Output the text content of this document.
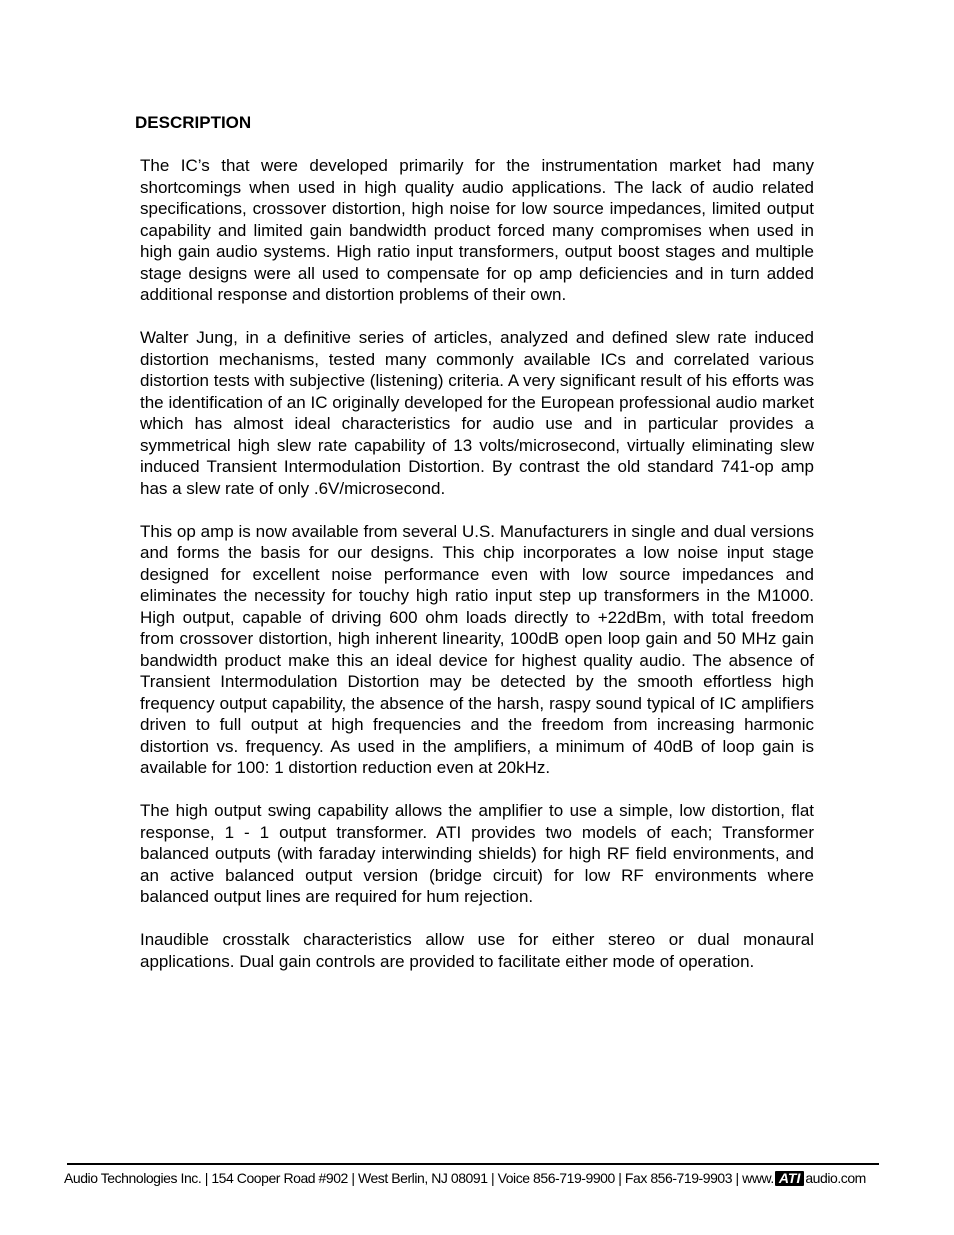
DESCRIPTION

The IC’s that were developed primarily for the instrumentation market had many shortcomings when used in high quality audio applications. The lack of audio related specifications, crossover distortion, high noise for low source impedances, limited output capability and limited gain bandwidth product forced many compromises when used in high gain audio systems. High ratio input transformers, output boost stages and multiple stage designs were all used to compensate for op amp deficiencies and in turn added additional response and distortion problems of their own.

Walter Jung, in a definitive series of articles, analyzed and defined slew rate induced distortion mechanisms, tested many commonly available ICs and correlated various distortion tests with subjective (listening) criteria. A very significant result of his efforts was the identification of an IC originally developed for the European professional audio market which has almost ideal characteristics for audio use and in particular provides a symmetrical high slew rate capability of 13 volts/microsecond, virtually eliminating slew induced Transient Intermodulation Distortion. By contrast the old standard 741-op amp has a slew rate of only .6V/microsecond.

This op amp is now available from several U.S. Manufacturers in single and dual versions and forms the basis for our designs. This chip incorporates a low noise input stage designed for excellent noise performance even with low source impedances and eliminates the necessity for touchy high ratio input step up transformers in the M1000. High output, capable of driving 600 ohm loads directly to +22dBm, with total freedom from crossover distortion, high inherent linearity, 100dB open loop gain and 50 MHz gain bandwidth product make this an ideal device for highest quality audio. The absence of Transient Intermodulation Distortion may be detected by the smooth effortless high frequency output capability, the absence of the harsh, raspy sound typical of IC amplifiers driven to full output at high frequencies and the freedom from increasing harmonic distortion vs. frequency. As used in the amplifiers, a minimum of 40dB of loop gain is available for 100: 1 distortion reduction even at 20kHz.

The high output swing capability allows the amplifier to use a simple, low distortion, flat response, 1 - 1 output transformer. ATI provides two models of each; Transformer balanced outputs (with faraday interwinding shields) for high RF field environments, and an active balanced output version (bridge circuit) for low RF environments where balanced output lines are required for hum rejection.

Inaudible crosstalk characteristics allow use for either stereo or dual monaural applications. Dual gain controls are provided to facilitate either mode of operation.

Audio Technologies Inc. | 154 Cooper Road #902 | West Berlin, NJ 08091 | Voice 856-719-9900 | Fax 856-719-9903 | www. ATI audio.com
